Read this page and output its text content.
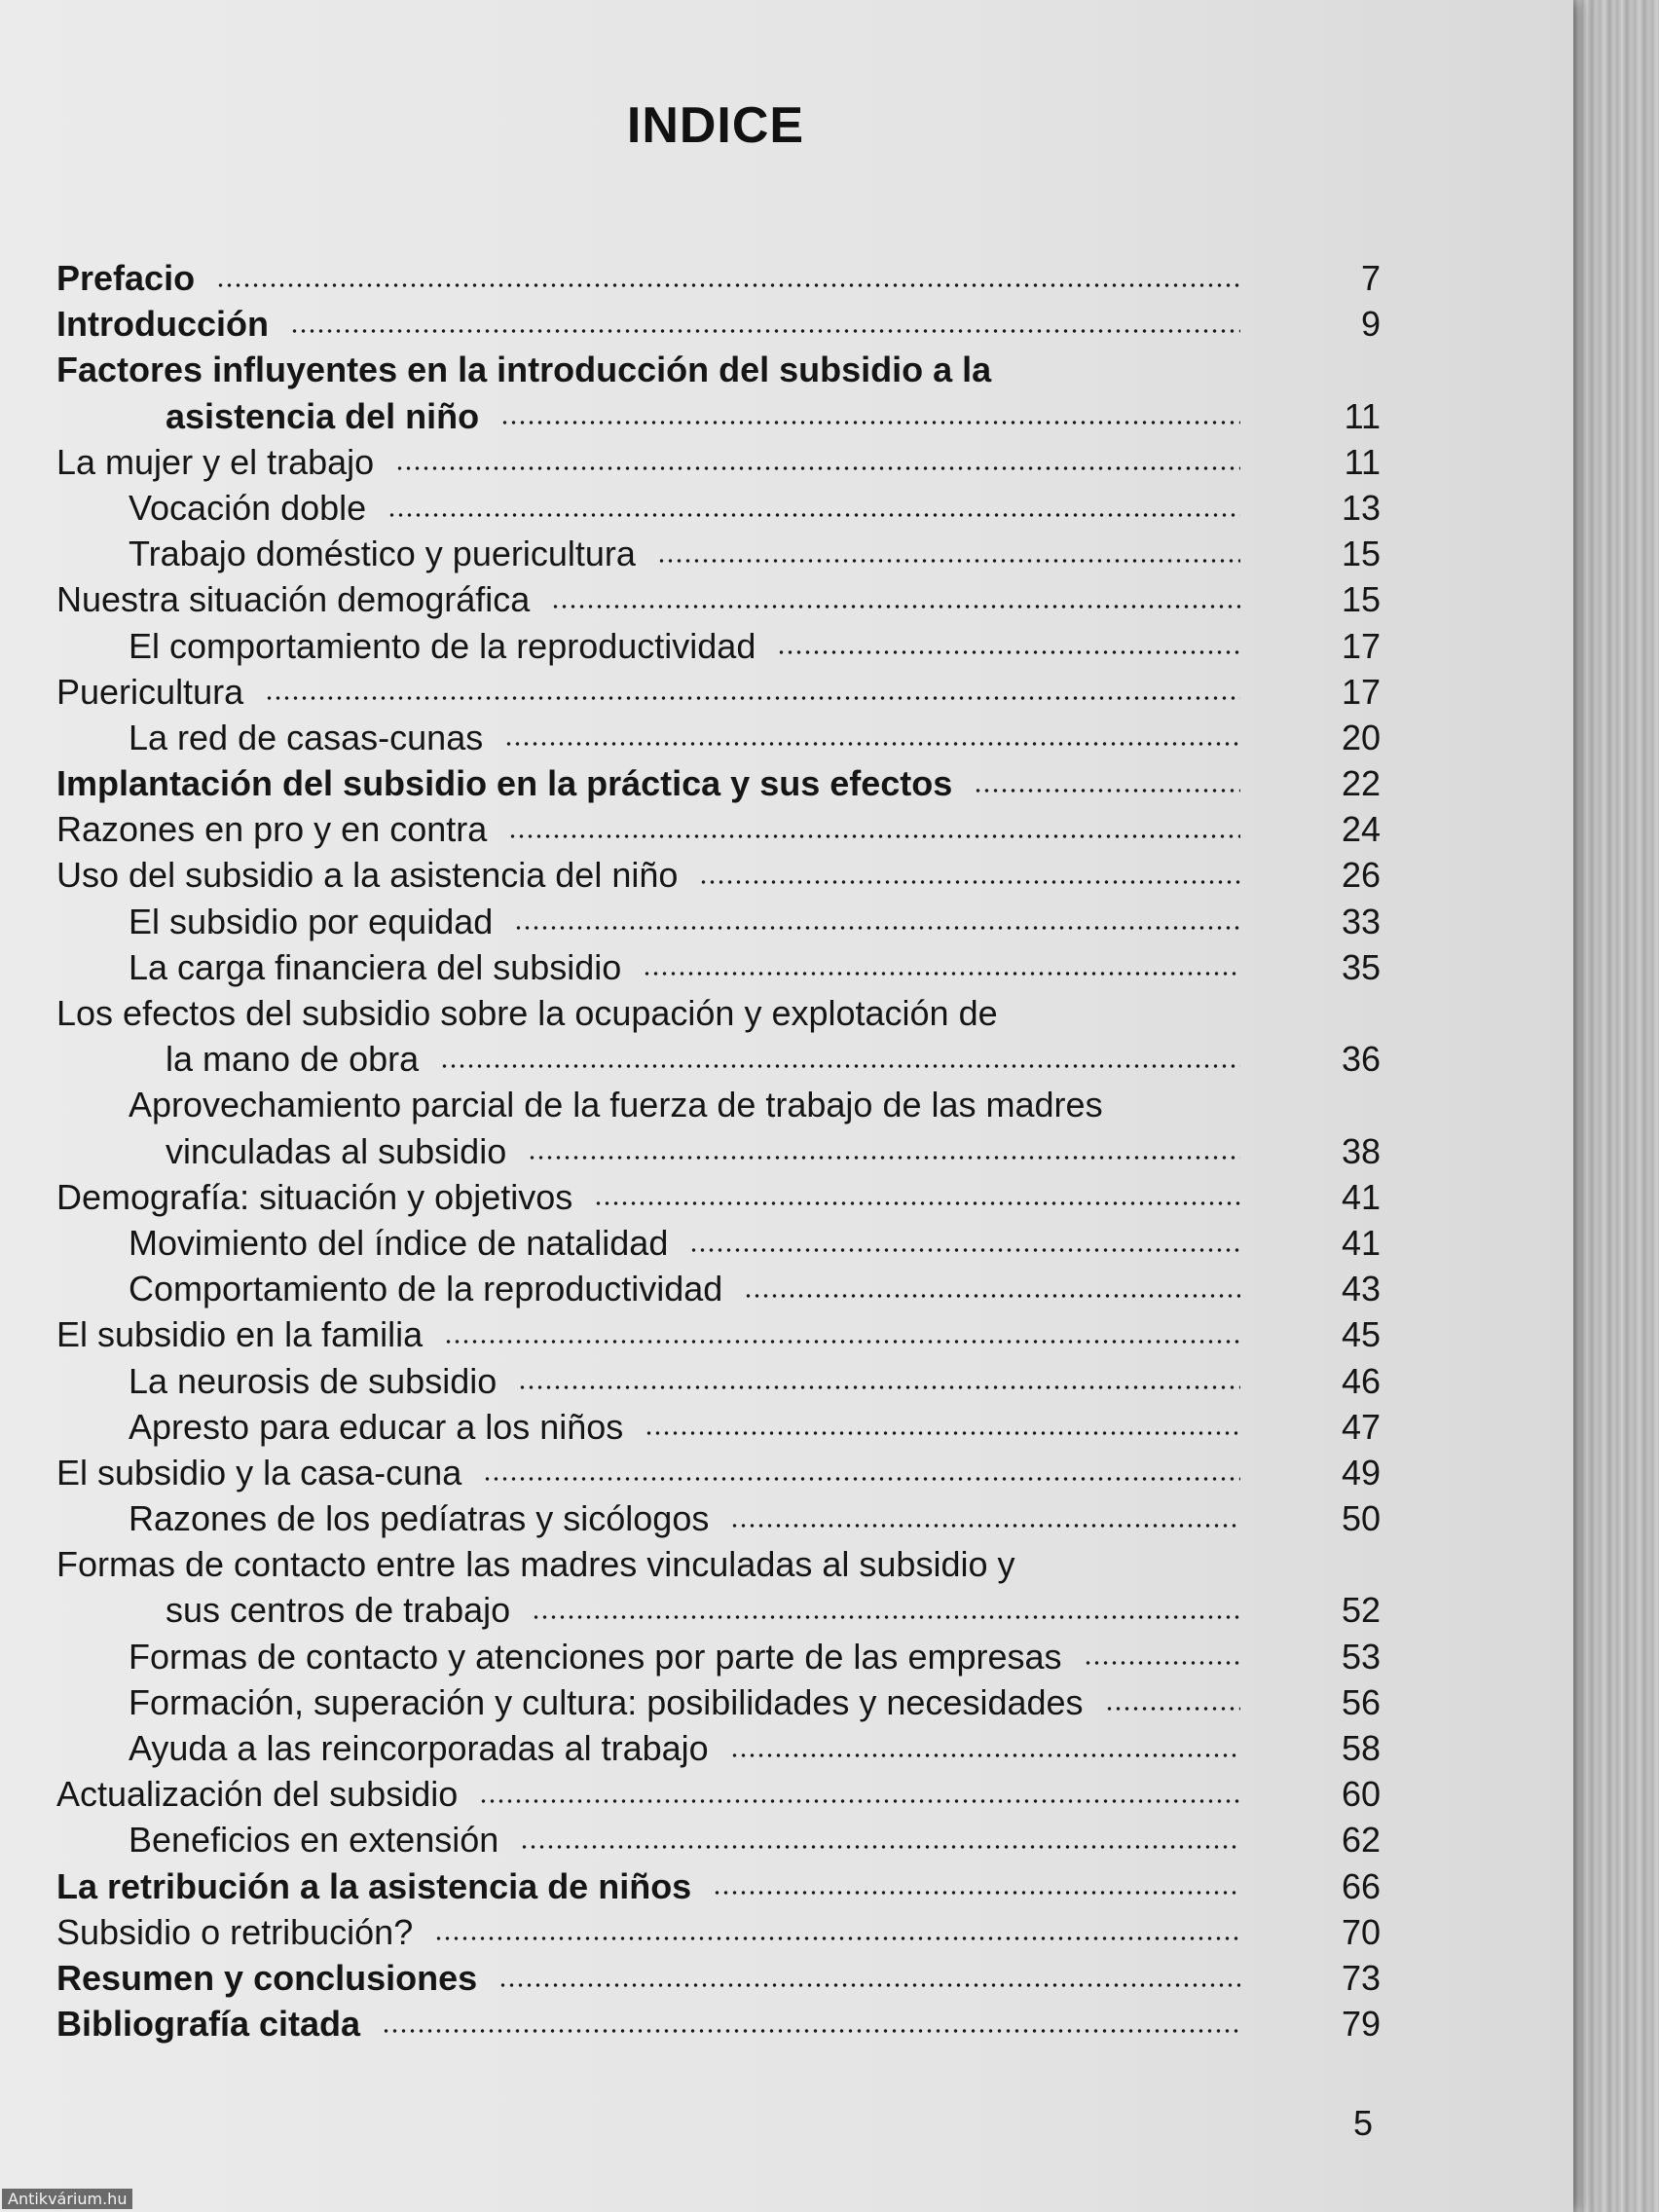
INDICE
Prefacio	7
Introducción	9
Factores influyentes en la introducción del subsidio a la
asistencia del niño	11
La mujer y el trabajo	11
Vocación doble	13
Trabajo doméstico y puericultura	15
Nuestra situación demográfica	15
El comportamiento de la reproductividad	17
Puericultura	17
La red de casas-cunas	20
Implantación del subsidio en la práctica y sus efectos	22
Razones en pro y en contra	24
Uso del subsidio a la asistencia del niño	26
El subsidio por equidad	33
La carga financiera del subsidio	35
Los efectos del subsidio sobre la ocupación y explotación de
la mano de obra	36
Aprovechamiento parcial de la fuerza de trabajo de las madres
vinculadas al subsidio	38
Demografía: situación y objetivos	41
Movimiento del índice de natalidad	41
Comportamiento de la reproductividad	43
El subsidio en la familia	45
La neurosis de subsidio	46
Apresto para educar a los niños	47
El subsidio y la casa-cuna	49
Razones de los pedíatras y sicólogos	50
Formas de contacto entre las madres vinculadas al subsidio y
sus centros de trabajo	52
Formas de contacto y atenciones por parte de las empresas	53
Formación, superación y cultura: posibilidades y necesidades	56
Ayuda a las reincorporadas al trabajo	58
Actualización del subsidio	60
Beneficios en extensión	62
La retribución a la asistencia de niños	66
Subsidio o retribución?	70
Resumen y conclusiones	73
Bibliografía citada	79
5
Antikvárium.hu
